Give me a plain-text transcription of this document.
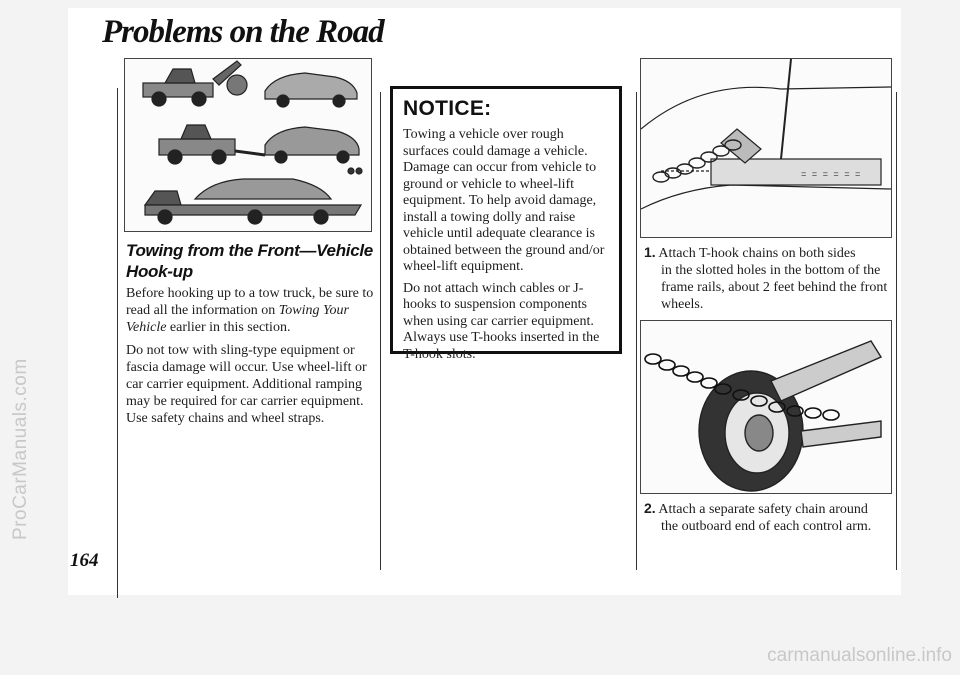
ProCarManuals.com
carmanualsonline.info
Problems on the Road
164
Towing from the Front—Vehicle Hook-up

Before hooking up to a tow truck, be sure to read all the information on Towing Your Vehicle earlier in this section.

Do not tow with sling-type equipment or fascia damage will occur. Use wheel-lift or car carrier equipment. Additional ramping may be required for car carrier equipment. Use safety chains and wheel straps.

NOTICE:

Towing a vehicle over rough surfaces could damage a vehicle. Damage can occur from vehicle to ground or vehicle to wheel-lift equipment. To help avoid damage, install a towing dolly and raise vehicle until adequate clearance is obtained between the ground and/or wheel-lift equipment.

Do not attach winch cables or J-hooks to suspension components when using car carrier equipment. Always use T-hooks inserted in the T-hook slots.

= = = = = =
1. Attach T-hook chains on both sides
in the slotted holes in the bottom of the frame rails, about 2 feet behind the front wheels.
2. Attach a separate safety chain around
the outboard end of each control arm.
